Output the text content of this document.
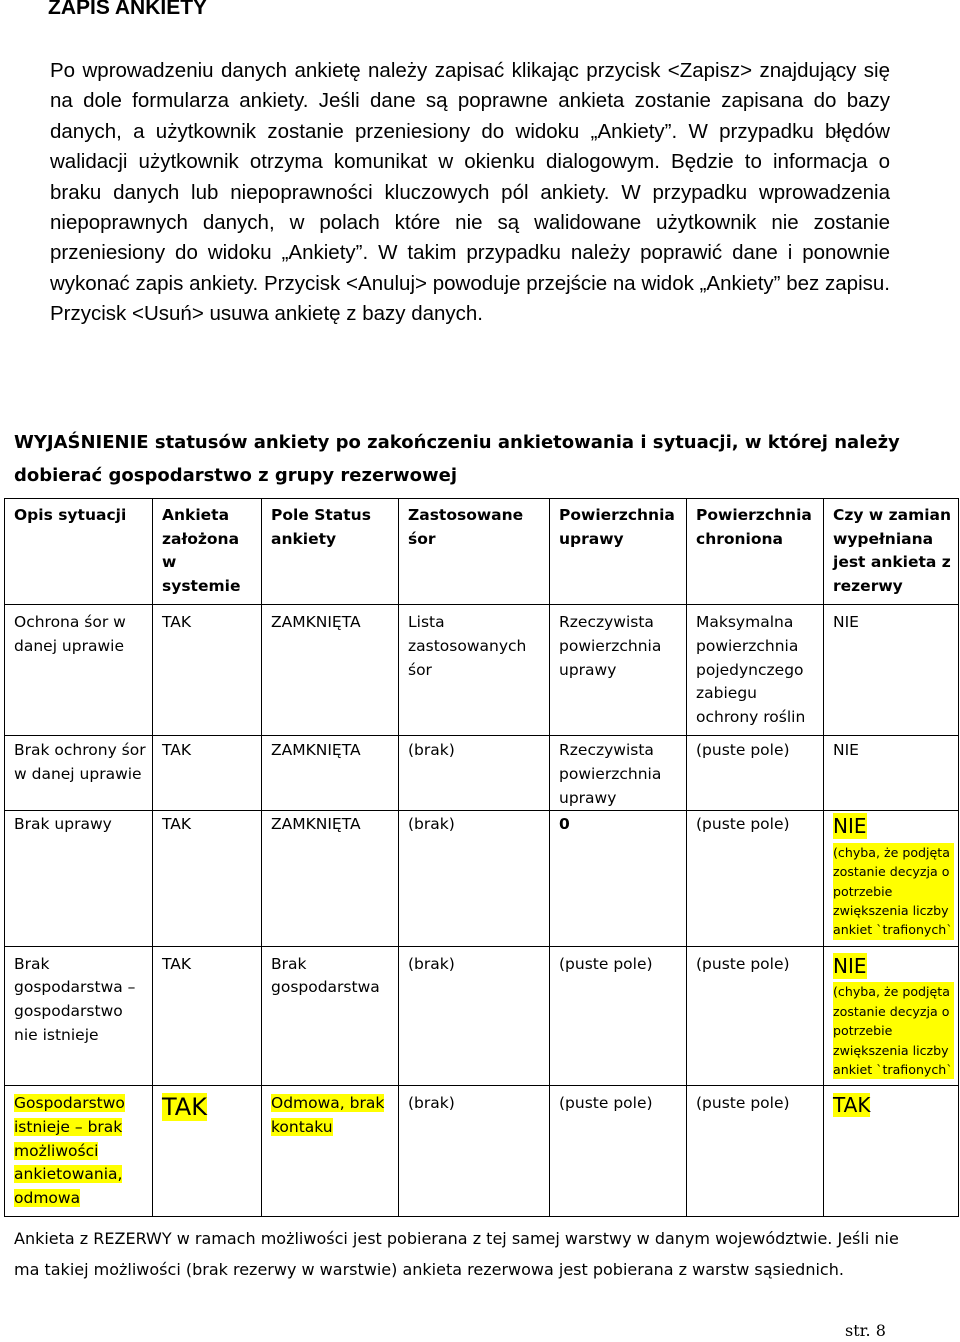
ZAPIS ANKIETY

Po wprowadzeniu danych ankietę należy zapisać klikając przycisk <Zapisz> znajdujący się na dole formularza ankiety. Jeśli dane są poprawne ankieta zostanie zapisana do bazy danych, a użytkownik zostanie przeniesiony do widoku „Ankiety”. W przypadku błędów walidacji użytkownik otrzyma komunikat w okienku dialogowym. Będzie to informacja o braku danych lub niepoprawności kluczowych pól ankiety. W przypadku wprowadzenia niepoprawnych danych, w polach które nie są walidowane użytkownik nie zostanie przeniesiony do widoku „Ankiety”. W takim przypadku należy poprawić dane i ponownie wykonać zapis ankiety. Przycisk <Anuluj> powoduje przejście na widok „Ankiety” bez zapisu. Przycisk <Usuń> usuwa ankietę z bazy danych.

WYJAŚNIENIE statusów ankiety po zakończeniu ankietowania i sytuacji, w której należy dobierać gospodarstwo z grupy rezerwowej

Opis sytuacji	Ankieta założona w systemie	Pole Status ankiety	Zastosowane śor	Powierzchnia uprawy	Powierzchnia chroniona	Czy w zamian wypełniana jest ankieta z rezerwy
Ochrona śor w danej uprawie	TAK	ZAMKNIĘTA	Lista zastosowanych śor	Rzeczywista powierzchnia uprawy	Maksymalna powierzchnia pojedynczego zabiegu ochrony roślin	NIE
Brak ochrony śor w danej uprawie	TAK	ZAMKNIĘTA	(brak)	Rzeczywista powierzchnia uprawy	(puste pole)	NIE
Brak uprawy	TAK	ZAMKNIĘTA	(brak)	0	(puste pole)	NIE
(chyba, że podjęta zostanie decyzja o potrzebie zwiększenia liczby ankiet `trafionych`

Brak gospodarstwa – gospodarstwo nie istnieje	TAK	Brak gospodarstwa	(brak)	(puste pole)	(puste pole)	NIE
(chyba, że podjęta zostanie decyzja o potrzebie zwiększenia liczby ankiet `trafionych`

Gospodarstwo istnieje – brak możliwości ankietowania, odmowa	TAK	Odmowa, brak kontaku	(brak)	(puste pole)	(puste pole)	TAK

Ankieta z REZERWY w ramach możliwości jest pobierana z tej samej warstwy w danym województwie. Jeśli nie ma takiej możliwości (brak rezerwy w warstwie) ankieta rezerwowa jest pobierana z warstw sąsiednich.

str. 8
